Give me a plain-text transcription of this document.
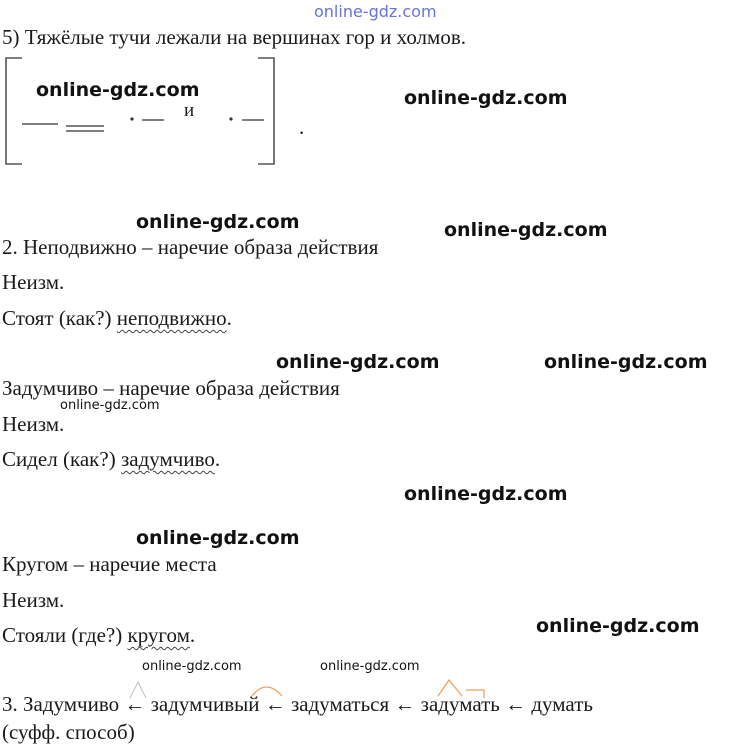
online-gdz.com
5) Тяжёлые тучи лежали на вершинах гор и холмов.
и
.
online-gdz.com	online-gdz.com
online-gdz.com	online-gdz.com
2. Неподвижно – наречие образа действия
Неизм.
Стоят (как?) неподвижно.
online-gdz.com	online-gdz.com
Задумчиво – наречие образа действия
online-gdz.com
Неизм.
Сидел (как?) задумчиво.
online-gdz.com
online-gdz.com
Кругом – наречие места
Неизм.
online-gdz.com
Стояли (где?) кругом.
online-gdz.com	online-gdz.com
3. Задумчиво ← задумчивый ← задуматься ← задумать ← думать
(суфф. способ)
